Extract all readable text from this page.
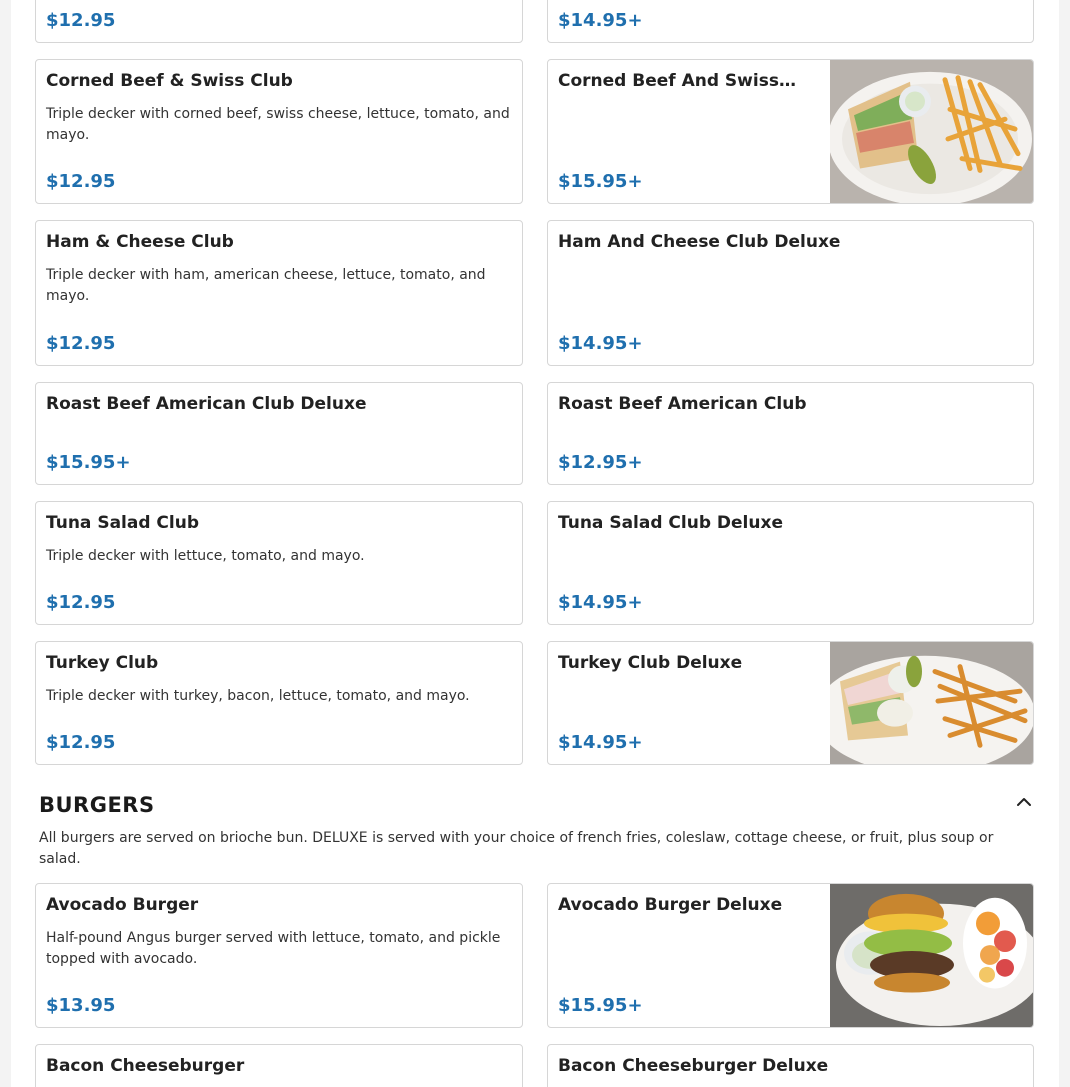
$12.95	$14.95+
Corned Beef & Swiss Club
Triple decker with corned beef, swiss cheese, lettuce, tomato, and mayo.
$12.95
Corned Beef And Swiss…
$15.95+
Ham & Cheese Club
Triple decker with ham, american cheese, lettuce, tomato, and mayo.
$12.95
Ham And Cheese Club Deluxe
$14.95+
Roast Beef American Club Deluxe
$15.95+
Roast Beef American Club
$12.95+
Tuna Salad Club
Triple decker with lettuce, tomato, and mayo.
$12.95
Tuna Salad Club Deluxe
$14.95+
Turkey Club
Triple decker with turkey, bacon, lettuce, tomato, and mayo.
$12.95
Turkey Club Deluxe
$14.95+
BURGERS
All burgers are served on brioche bun. DELUXE is served with your choice of french fries, coleslaw, cottage cheese, or fruit, plus soup or salad.
Avocado Burger
Half-pound Angus burger served with lettuce, tomato, and pickle topped with avocado.
$13.95
Avocado Burger Deluxe
$15.95+
Bacon Cheeseburger	Bacon Cheeseburger Deluxe
